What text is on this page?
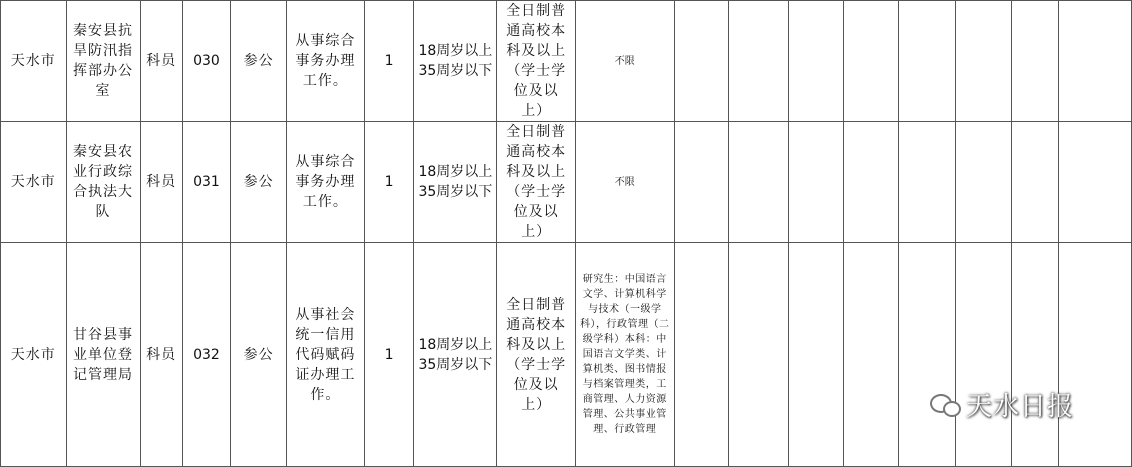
天水市	秦安县抗旱防汛指挥部办公室	科员	030	参公	从事综合事务办理工作。	1	18周岁以上35周岁以下	全日制普通高校本科及以上（学士学位及以上）	不限								
天水市	秦安县农业行政综合执法大队	科员	031	参公	从事综合事务办理工作。	1	18周岁以上35周岁以下	全日制普通高校本科及以上（学士学位及以上）	不限								
天水市	甘谷县事业单位登记管理局	科员	032	参公	从事社会统一信用代码赋码证办理工作。	1	18周岁以上35周岁以下	全日制普通高校本科及以上（学士学位及以上）	研究生：中国语言文学、计算机科学与技术（一级学科），行政管理（二级学科）本科：中国语言文学类、计算机类、图书情报与档案管理类，工商管理、人力资源管理、公共事业管理、行政管理								

天水日报
